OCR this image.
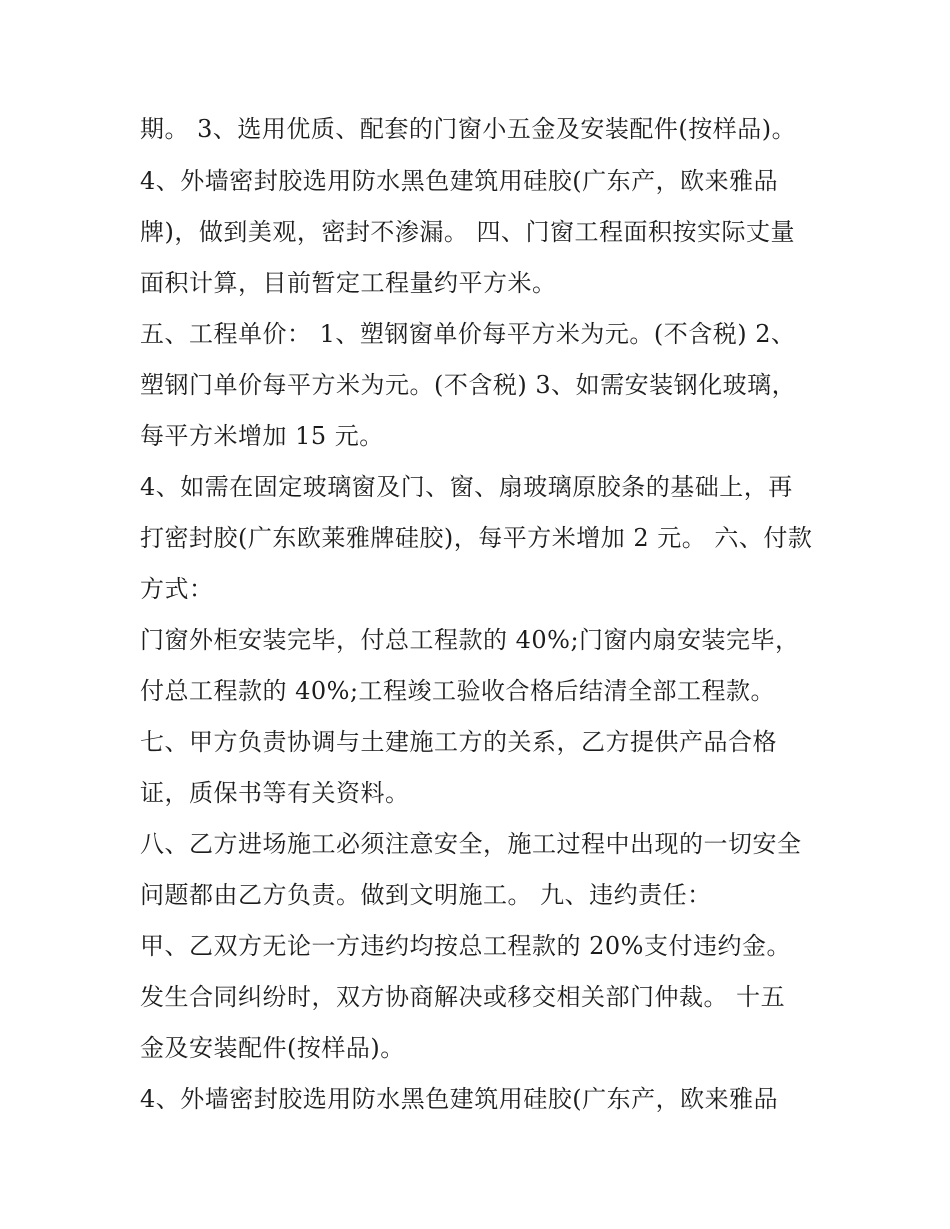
期。 3、选用优质、配套的门窗小五金及安装配件(按样品)。
4、外墙密封胶选用防水黑色建筑用硅胶(广东产，欧来雅品
牌)，做到美观，密封不渗漏。 四、门窗工程面积按实际丈量
面积计算，目前暂定工程量约平方米。
五、工程单价： 1、塑钢窗单价每平方米为元。(不含税) 2、
塑钢门单价每平方米为元。(不含税) 3、如需安装钢化玻璃，
每平方米增加 15 元。
4、如需在固定玻璃窗及门、窗、扇玻璃原胶条的基础上，再
打密封胶(广东欧莱雅牌硅胶)，每平方米增加 2 元。 六、付款
方式：
门窗外柜安装完毕，付总工程款的 40%;门窗内扇安装完毕，
付总工程款的 40%;工程竣工验收合格后结清全部工程款。
七、甲方负责协调与土建施工方的关系，乙方提供产品合格
证，质保书等有关资料。
八、乙方进场施工必须注意安全，施工过程中出现的一切安全
问题都由乙方负责。做到文明施工。 九、违约责任：
甲、乙双方无论一方违约均按总工程款的 20%支付违约金。
发生合同纠纷时，双方协商解决或移交相关部门仲裁。 十五
金及安装配件(按样品)。
4、外墙密封胶选用防水黑色建筑用硅胶(广东产，欧来雅品
